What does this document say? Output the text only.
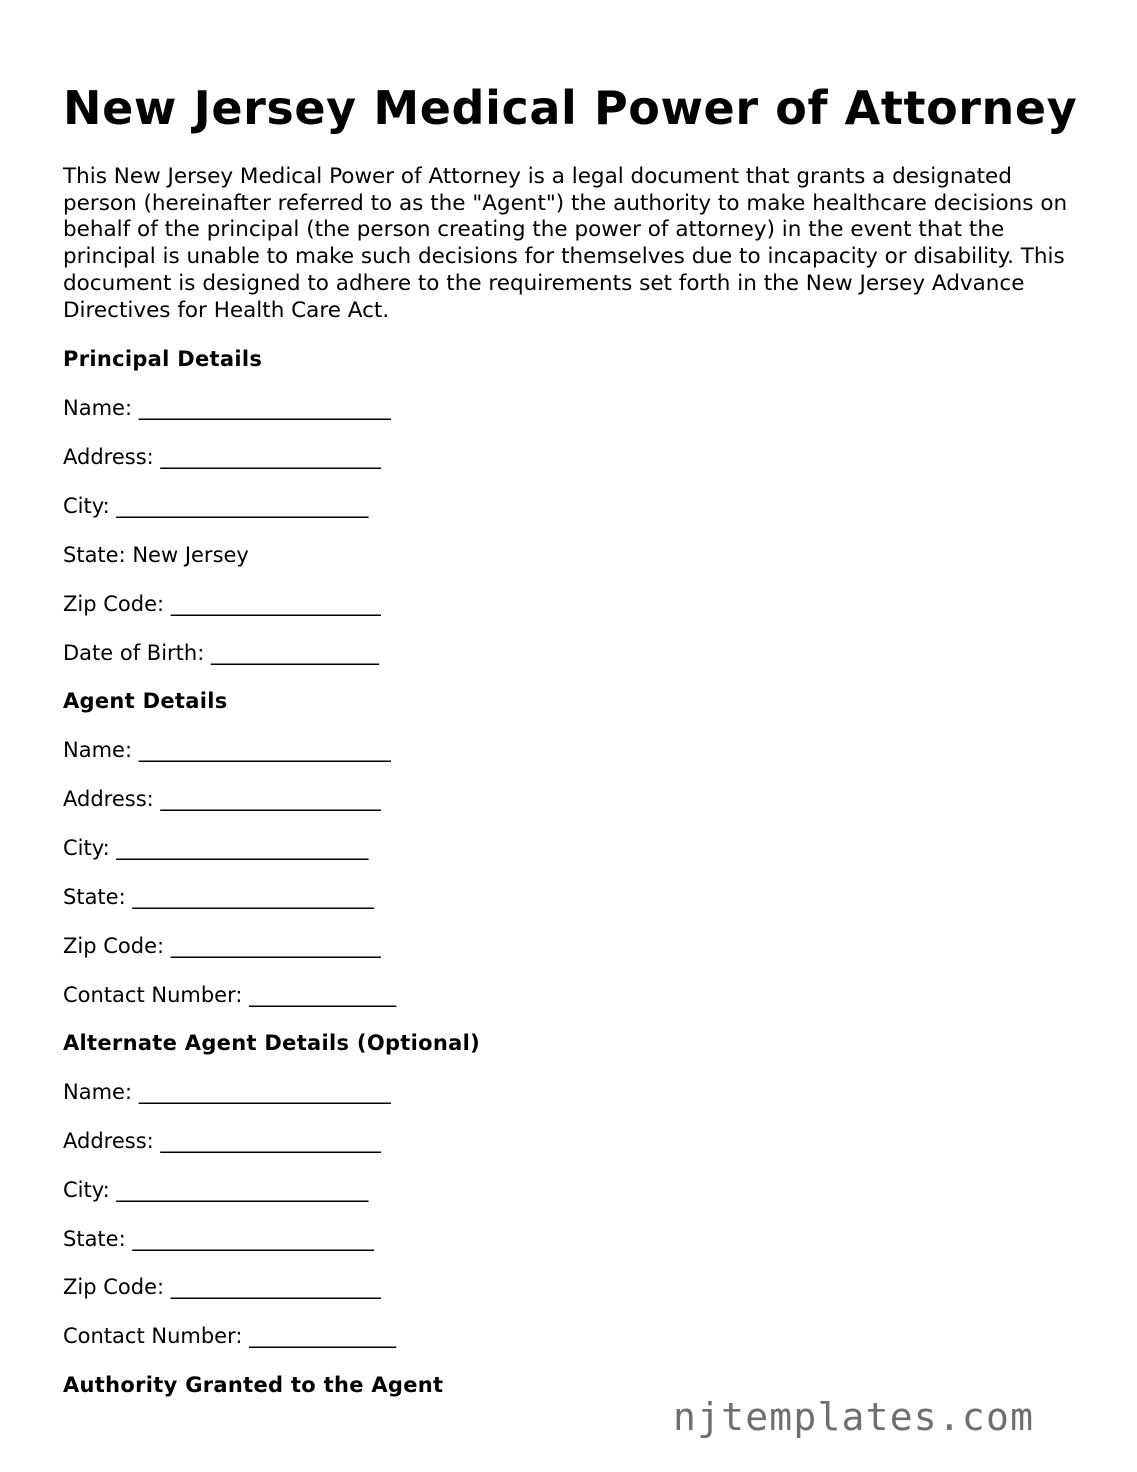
New Jersey Medical Power of Attorney

This New Jersey Medical Power of Attorney is a legal document that grants a designated person (hereinafter referred to as the "Agent") the authority to make healthcare decisions on behalf of the principal (the person creating the power of attorney) in the event that the principal is unable to make such decisions for themselves due to incapacity or disability. This document is designed to adhere to the requirements set forth in the New Jersey Advance Directives for Health Care Act.

Principal Details
Name: ________________________
Address: _____________________
City: ________________________
State: New Jersey
Zip Code: ____________________
Date of Birth: ________________
Agent Details
Name: ________________________
Address: _____________________
City: ________________________
State: _______________________
Zip Code: ____________________
Contact Number: ______________
Alternate Agent Details (Optional)
Name: ________________________
Address: _____________________
City: ________________________
State: _______________________
Zip Code: ____________________
Contact Number: ______________
Authority Granted to the Agent
njtemplates.com
